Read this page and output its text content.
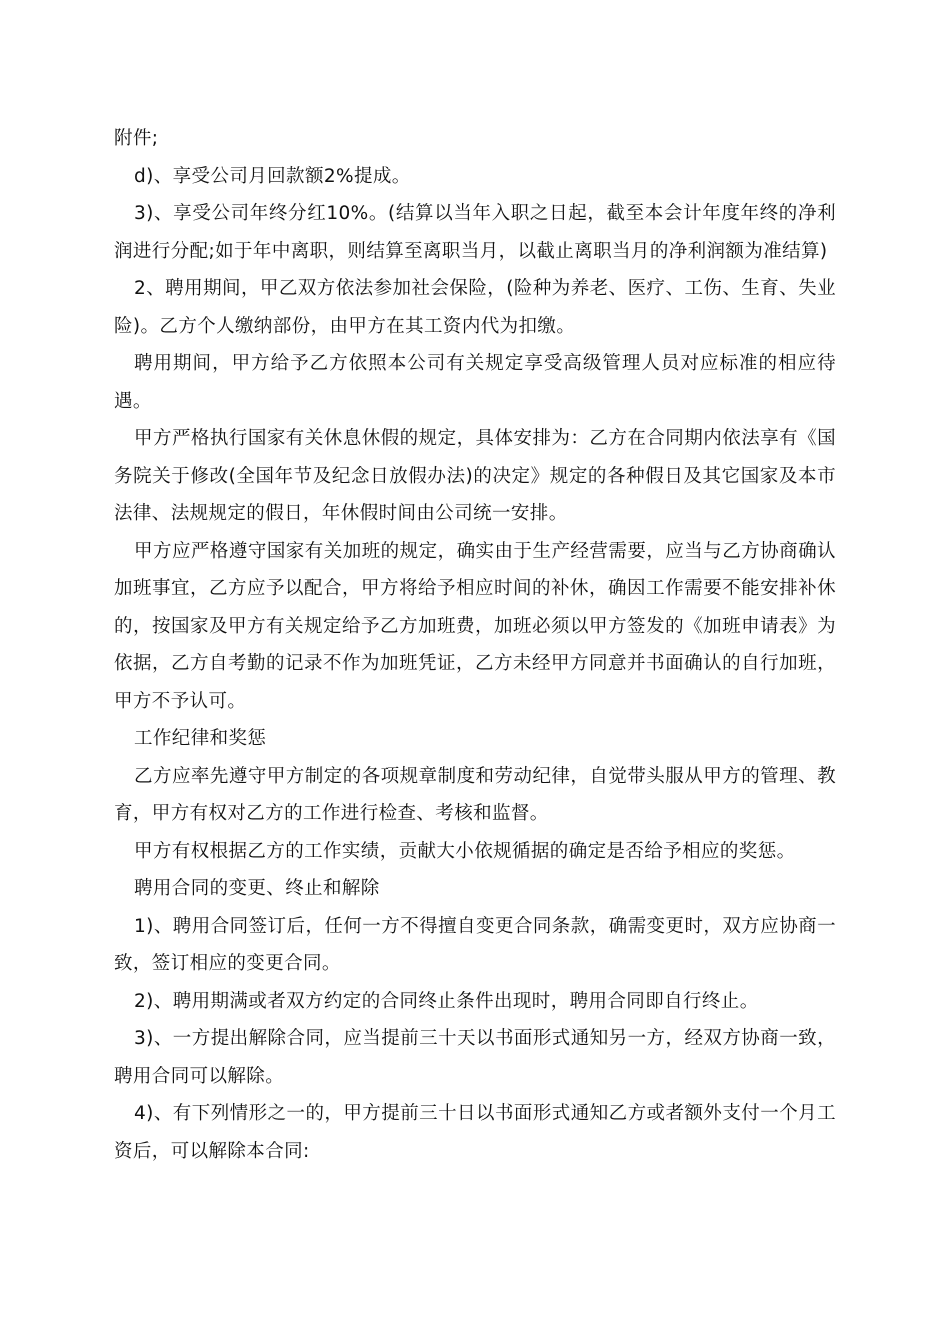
附件;

d)、享受公司月回款额2%提成。

3)、享受公司年终分红10%。(结算以当年入职之日起，截至本会计年度年终的净利润进行分配;如于年中离职，则结算至离职当月，以截止离职当月的净利润额为准结算)

2、聘用期间，甲乙双方依法参加社会保险，(险种为养老、医疗、工伤、生育、失业险)。乙方个人缴纳部份，由甲方在其工资内代为扣缴。

聘用期间，甲方给予乙方依照本公司有关规定享受高级管理人员对应标准的相应待遇。

甲方严格执行国家有关休息休假的规定，具体安排为：乙方在合同期内依法享有《国务院关于修改(全国年节及纪念日放假办法)的决定》规定的各种假日及其它国家及本市法律、法规规定的假日，年休假时间由公司统一安排。

甲方应严格遵守国家有关加班的规定，确实由于生产经营需要，应当与乙方协商确认加班事宜，乙方应予以配合，甲方将给予相应时间的补休，确因工作需要不能安排补休的，按国家及甲方有关规定给予乙方加班费，加班必须以甲方签发的《加班申请表》为依据，乙方自考勤的记录不作为加班凭证，乙方未经甲方同意并书面确认的自行加班，甲方不予认可。

工作纪律和奖惩

乙方应率先遵守甲方制定的各项规章制度和劳动纪律，自觉带头服从甲方的管理、教育，甲方有权对乙方的工作进行检查、考核和监督。

甲方有权根据乙方的工作实绩，贡献大小依规循据的确定是否给予相应的奖惩。

聘用合同的变更、终止和解除

1)、聘用合同签订后，任何一方不得擅自变更合同条款，确需变更时，双方应协商一致，签订相应的变更合同。

2)、聘用期满或者双方约定的合同终止条件出现时，聘用合同即自行终止。

3)、一方提出解除合同，应当提前三十天以书面形式通知另一方，经双方协商一致，聘用合同可以解除。

4)、有下列情形之一的，甲方提前三十日以书面形式通知乙方或者额外支付一个月工资后，可以解除本合同:
